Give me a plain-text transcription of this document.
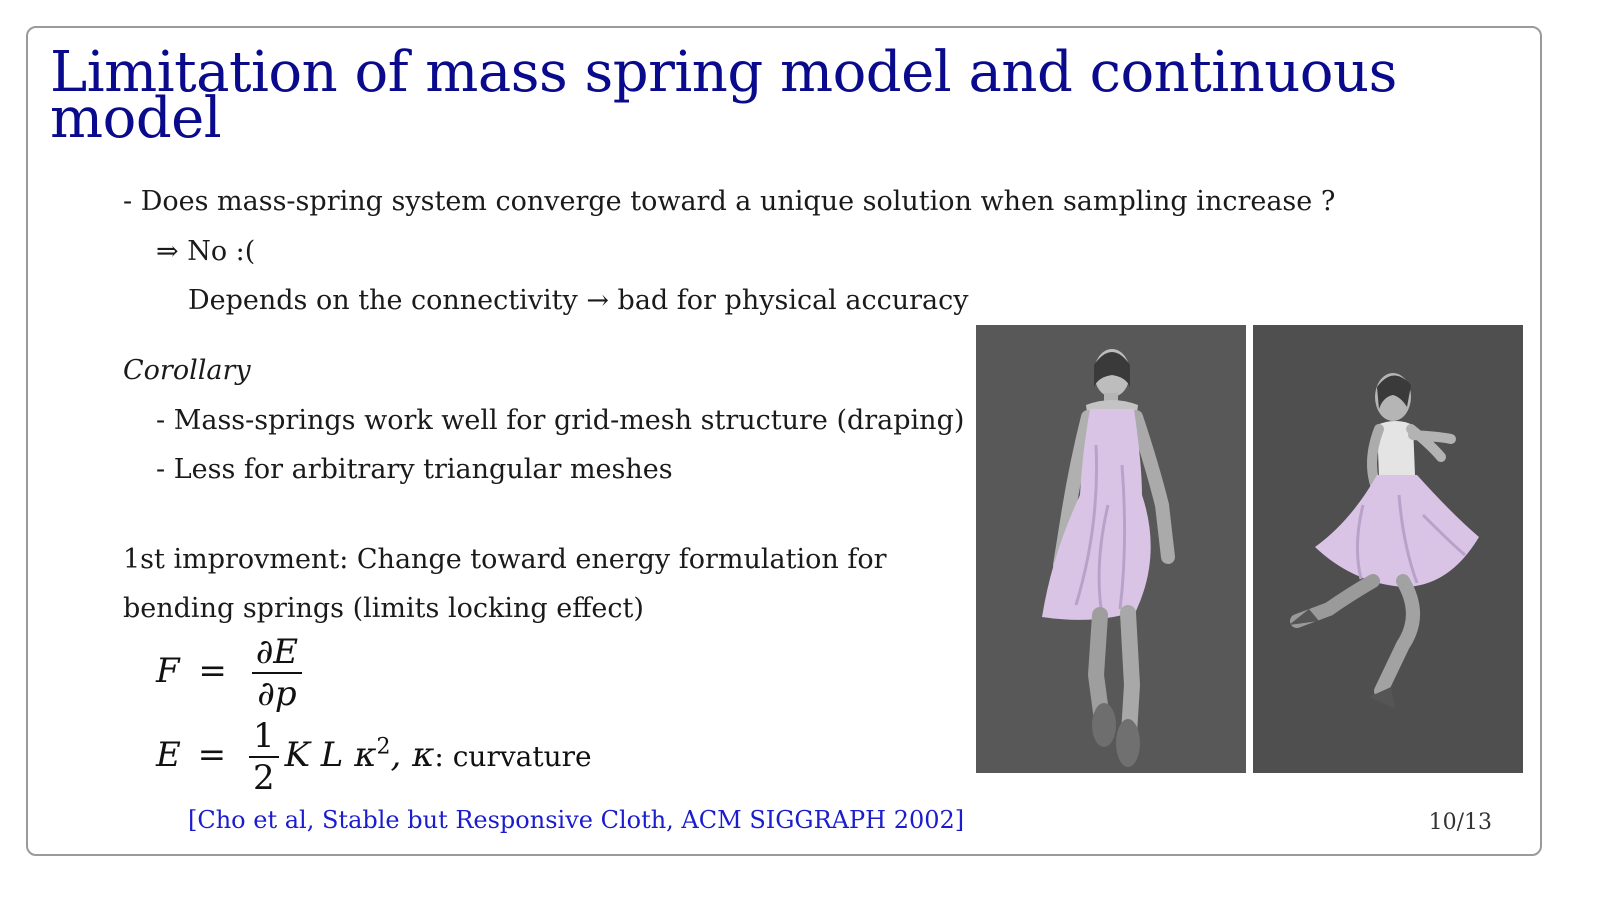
Limitation of mass spring model and continuous model

- Does mass-spring system converge toward a unique solution when sampling increase ?

⇒ No :(

Depends on the connectivity → bad for physical accuracy

Corollary

- Mass-springs work well for grid-mesh structure (draping)

- Less for arbitrary triangular meshes

1st improvment: Change toward energy formulation for

bending springs (limits locking effect)

$F = \frac{\partial E}{\partial p}$
$E = \frac{1}{2}$ K L $\kappa^2$, κ: curvature

[Cho et al, Stable but Responsive Cloth, ACM SIGGRAPH 2002]	10/13
